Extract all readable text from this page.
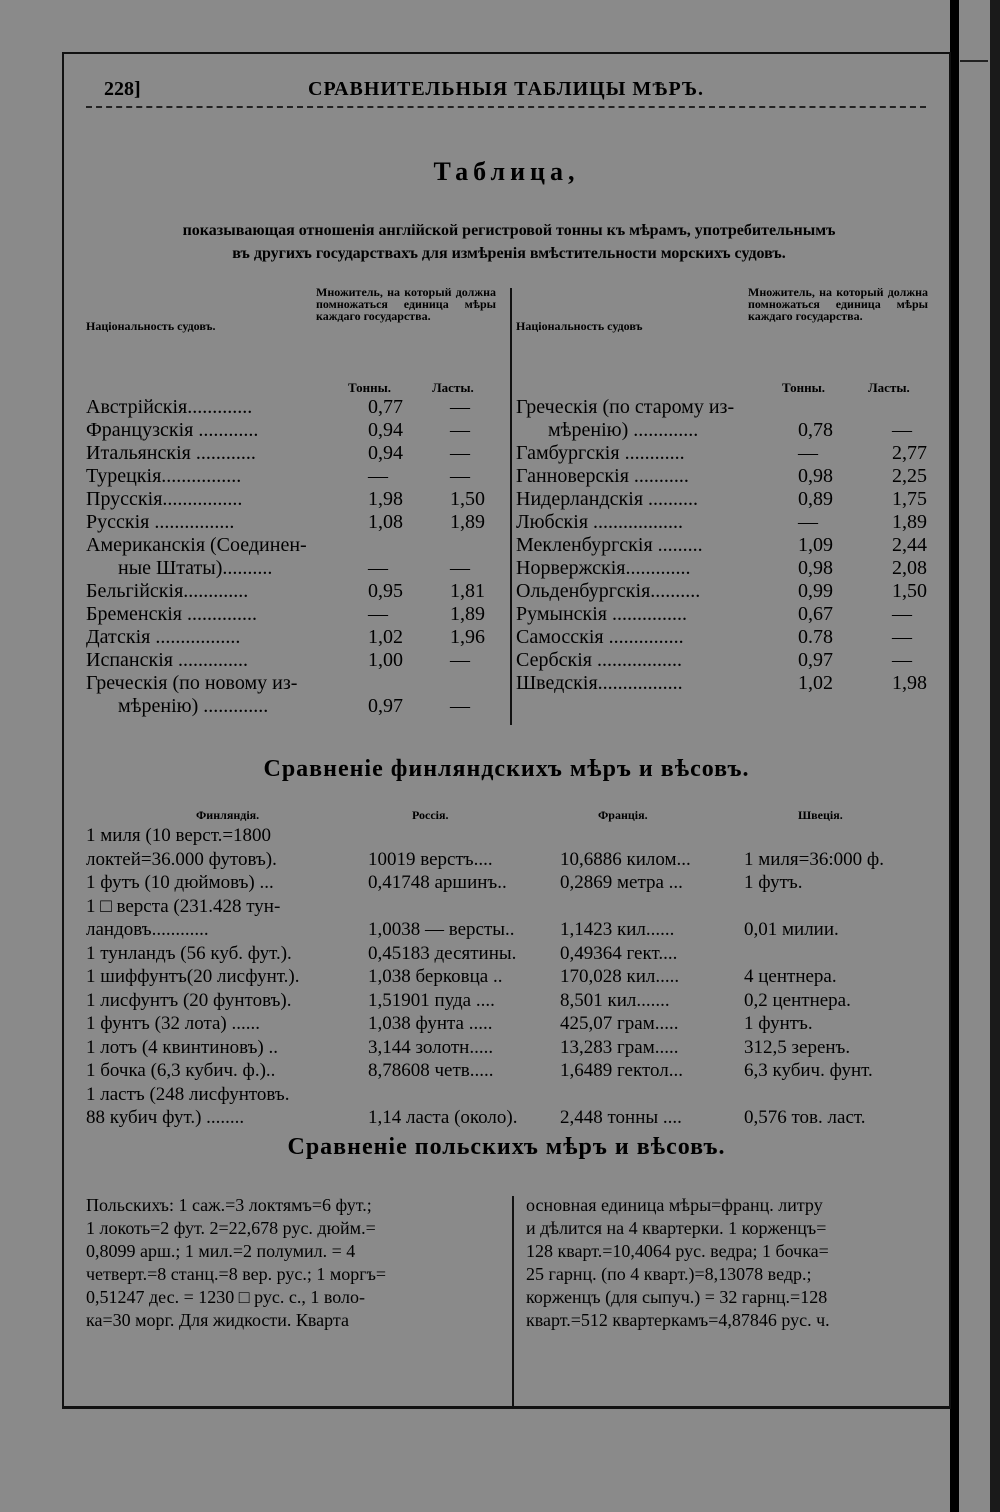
228]	СРАВНИТЕЛЬНЫЯ ТАБЛИЦЫ МѢРЪ.
Таблица,
показывающая отношенія англійской регистровой тонны къ мѣрамъ, употребительнымъ
въ другихъ государствахъ для измѣренія вмѣстительности морскихъ судовъ.
Національность судовъ.
Множитель, на который должна помножаться единица мѣры каждаго государства.
Тонны.	Ласты.
Австрійскія.............	0,77 —
Французскія ............	0,94 —
Итальянскія ............	0,94 —
Турецкія................	—	—
Прусскія................	1,98 1,50
Русскія ................	1,08 1,89
Американскія (Соединен-
ные Штаты)..........	—	—
Бельгійскія.............	0,95 1,81
Бременскія ..............	—	1,89
Датскія .................	1,02 1,96
Испанскія ..............	1,00 —
Греческія (по новому из-
мѣренію) .............	0,97 —
Національность судовъ
Множитель, на который должна помножаться единица мѣры каждаго государства.
Тонны.	Ласты.
Греческія (по старому из-
мѣренію) .............	0,78	—
Гамбургскія ............	—	2,77
Ганноверскія ...........	0,98	2,25
Нидерландскія ..........	0,89	1,75
Любскія ..................	—	1,89
Мекленбургскія .........	1,09	2,44
Норвержскія.............	0,98	2,08
Ольденбургскія..........	0,99	1,50
Румынскія ...............	0,67	—
Самосскія ...............	0.78	—
Сербскія .................	0,97	—
Шведскія.................	1,02	1,98
Сравненіе финляндскихъ мѣръ и вѣсовъ.
Финляндія.	Россія.	Франція.	Швеція.
1 миля (10 верст.=1800
локтей=36.000 футовъ).	10019 верстъ....	10,6886 килом...	1 миля=36:000 ф.
1 футъ (10 дюймовъ) ...	0,41748 аршинъ..	0,2869 метра ...	1 футъ.
1 □ верста (231.428 тун-
ландовъ............	1,0038 — версты.. 1,1423 кил......	0,01 милии.
1 тунландъ (56 куб. фут.).	0,45183 десятины. 0,49364 гект....
1 шиффунтъ(20 лисфунт.).	1,038 берковца ..	170,028 кил.....	4 центнера.
1 лисфунтъ (20 фунтовъ).	1,51901 пуда ....	8,501 кил.......	0,2 центнера.
1 фунтъ (32 лота) ......	1,038 фунта .....	425,07 грам.....	1 фунтъ.
1 лотъ (4 квинтиновъ) ..	3,144 золотн.....	13,283 грам.....	312,5 зеренъ.
1 бочка (6,3 кубич. ф.)..	8,78608 четв.....	1,6489 гектол...	6,3 кубич. фунт.
1 ластъ (248 лисфунтовъ.
88 кубич фут.) ........	1,14 ласта (около). 2,448 тонны ....	0,576 тов. ласт.
Сравненіе польскихъ мѣръ и вѣсовъ.
Польскихъ: 1 саж.=3 локтямъ=6 фут.;
1 локоть=2 фут. 2=22,678 рус. дюйм.=
0,8099 арш.; 1 мил.=2 полумил. = 4
четверт.=8 станц.=8 вер. рус.; 1 моргъ=
0,51247 дес. = 1230 □ рус. с., 1 воло-
ка=30 морг. Для жидкости. Кварта
основная единица мѣры=франц. литру
и дѣлится на 4 квартерки. 1 корженцъ=
128 кварт.=10,4064 рус. ведра; 1 бочка=
25 гарнц. (по 4 кварт.)=8,13078 ведр.;
корженцъ (для сыпуч.) = 32 гарнц.=128
кварт.=512 квартеркамъ=4,87846 рус. ч.
